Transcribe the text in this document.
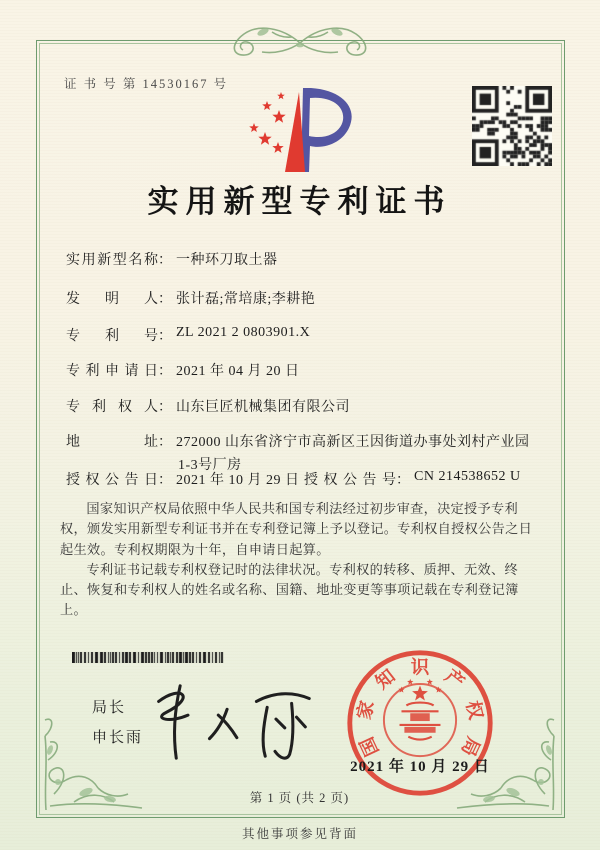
证 书 号 第 14530167 号
实用新型专利证书
实用新型名称： 一种环刀取土器
发明人： 张计磊;常培康;李耕艳
专利号： ZL 2021 2 0803901.X
专利申请日： 2021 年 04 月 20 日
专利权人： 山东巨匠机械集团有限公司
地址： 272000 山东省济宁市高新区王因街道办事处刘村产业园
1-3号厂房
授权公告日： 2021 年 10 月 29 日 授权公告号： CN 214538652 U

国家知识产权局依照中华人民共和国专利法经过初步审查，决定授予专利权，颁发实用新型专利证书并在专利登记簿上予以登记。专利权自授权公告之日起生效。专利权期限为十年，自申请日起算。

专利证书记载专利权登记时的法律状况。专利权的转移、质押、无效、终止、恢复和专利权人的姓名或名称、国籍、地址变更等事项记载在专利登记簿上。

局长
申长雨	国
家
知 识 产
权
局
2021 年 10 月 29 日
第 1 页 (共 2 页)
其他事项参见背面
